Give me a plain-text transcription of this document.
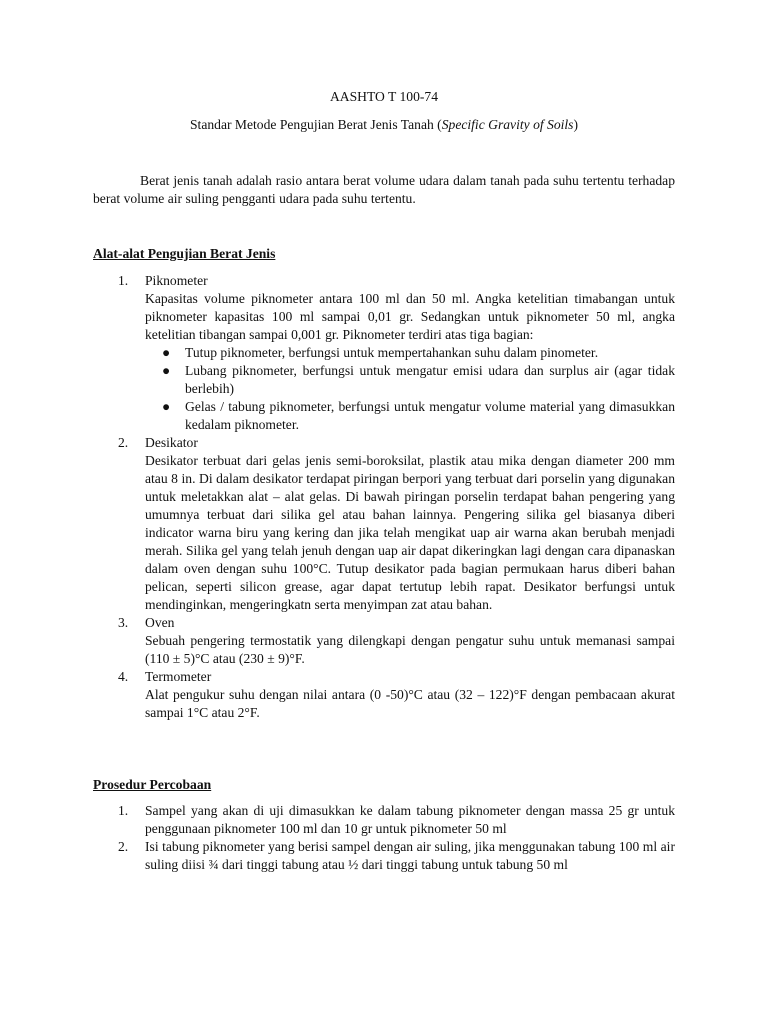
AASHTO T 100-74
Standar Metode Pengujian Berat Jenis Tanah (Specific Gravity of Soils)

Berat jenis tanah adalah rasio antara berat volume udara dalam tanah pada suhu tertentu terhadap berat volume air suling pengganti udara pada suhu tertentu.

Alat-alat Pengujian Berat Jenis

1. Piknometer
Kapasitas volume piknometer antara 100 ml dan 50 ml. Angka ketelitian timabangan untuk piknometer kapasitas 100 ml sampai 0,01 gr. Sedangkan untuk piknometer 50 ml, angka ketelitian tibangan sampai 0,001 gr. Piknometer terdiri atas tiga bagian:
● Tutup piknometer, berfungsi untuk mempertahankan suhu dalam pinometer.
● Lubang piknometer, berfungsi untuk mengatur emisi udara dan surplus air (agar tidak berlebih)
● Gelas / tabung piknometer, berfungsi untuk mengatur volume material yang dimasukkan kedalam piknometer.
2. Desikator
Desikator terbuat dari gelas jenis semi-boroksilat, plastik atau mika dengan diameter 200 mm atau 8 in. Di dalam desikator terdapat piringan berpori yang terbuat dari porselin yang digunakan untuk meletakkan alat – alat gelas. Di bawah piringan porselin terdapat bahan pengering yang umumnya terbuat dari silika gel atau bahan lainnya. Pengering silika gel biasanya diberi indicator warna biru yang kering dan jika telah mengikat uap air warna akan berubah menjadi merah. Silika gel yang telah jenuh dengan uap air dapat dikeringkan lagi dengan cara dipanaskan dalam oven dengan suhu 100°C. Tutup desikator pada bagian permukaan harus diberi bahan pelican, seperti silicon grease, agar dapat tertutup lebih rapat. Desikator berfungsi untuk mendinginkan, mengeringkatn serta menyimpan zat atau bahan.
3. Oven
Sebuah pengering termostatik yang dilengkapi dengan pengatur suhu untuk memanasi sampai (110 ± 5)°C atau (230 ± 9)°F.
4. Termometer
Alat pengukur suhu dengan nilai antara (0 -50)°C atau (32 – 122)°F dengan pembacaan akurat sampai 1°C atau 2°F.

Prosedur Percobaan

1. Sampel yang akan di uji dimasukkan ke dalam tabung piknometer dengan massa 25 gr untuk penggunaan piknometer 100 ml dan 10 gr untuk piknometer 50 ml
2. Isi tabung piknometer yang berisi sampel dengan air suling, jika menggunakan tabung 100 ml air suling diisi ¾ dari tinggi tabung atau ½ dari tinggi tabung untuk tabung 50 ml
